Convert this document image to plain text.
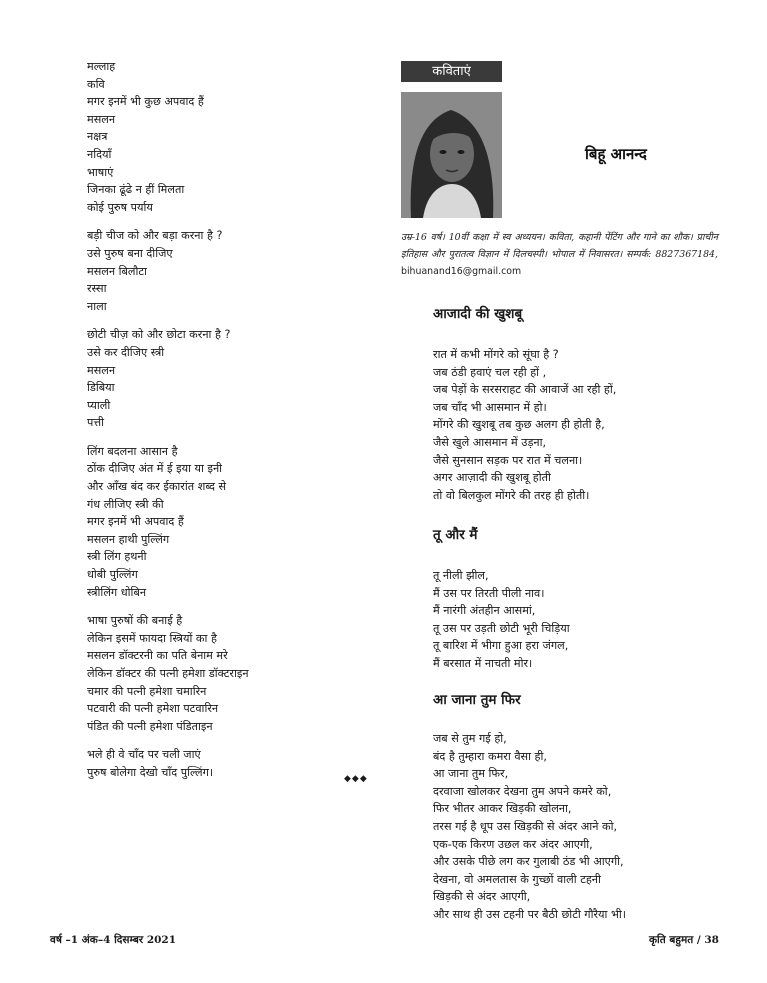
मल्लाह
कवि
मगर इनमें भी कुछ अपवाद हैं
मसलन
नक्षत्र
नदियाँ
भाषाएं
जिनका ढूंढे न हीं मिलता
कोई पुरुष पर्याय
बड़ी चीज को और बड़ा करना है ?
उसे पुरुष बना दीजिए
मसलन बिलौटा
रस्सा
नाला
छोटी चीज़ को और छोटा करना है ?
उसे कर दीजिए स्त्री
मसलन
डिबिया
प्याली
पत्ती
लिंग बदलना आसान है
ठोंक दीजिए अंत में ई इया या इनी
और आँख बंद कर ईकारांत शब्द से
गंध लीजिए स्त्री की
मगर इनमें भी अपवाद हैं
मसलन हाथी पुल्लिंग
स्त्री लिंग हथनी
धोबी पुल्लिंग
स्त्रीलिंग धोबिन
भाषा पुरुषों की बनाई है
लेकिन इसमें फायदा स्त्रियों का है
मसलन डॉक्टरनी का पति बेनाम मरे
लेकिन डॉक्टर की पत्नी हमेशा डॉक्टराइन
चमार की पत्नी हमेशा चमारिन
पटवारी की पत्नी हमेशा पटवारिन
पंडित की पत्नी हमेशा पंडिताइन
भले ही वे चाँद पर चली जाएं
पुरुष बोलेगा देखो चाँद पुल्लिंग।
कविताएं
बिहू आनन्द
उम्र-16 वर्ष। 10वीं कक्षा में स्व अध्ययन। कविता, कहानी पेंटिंग और गाने का शौक। प्राचीन इतिहास और पुरातत्व विज्ञान में दिलचस्पी। भोपाल में निवासरत। सम्पर्क: 8827367184, bihuanand16@gmail.com
आजादी की खुशबू
रात में कभी मोंगरे को सूंघा है ?
जब ठंडी हवाएं चल रही हों ,
जब पेड़ों के सरसराहट की आवाजें आ रही हों,
जब चाँद भी आसमान में हो।
मोंगरे की खुशबू तब कुछ अलग ही होती है,
जैसे खुले आसमान में उड़ना,
जैसे सुनसान सड़क पर रात में चलना।
अगर आज़ादी की खुशबू होती
तो वो बिलकुल मोंगरे की तरह ही होती।
तू और मैं
तू नीली झील,
मैं उस पर तिरती पीली नाव।
मैं नारंगी अंतहीन आसमां,
तू उस पर उड़ती छोटी भूरी चिड़िया
तू बारिश में भीगा हुआ हरा जंगल,
मैं बरसात में नाचती मोर।
आ जाना तुम फिर
जब से तुम गई हो,
बंद है तुम्हारा कमरा वैसा ही,
आ जाना तुम फिर,
दरवाजा खोलकर देखना तुम अपने कमरे को,
फिर भीतर आकर खिड़की खोलना,
तरस गई है धूप उस खिड़की से अंदर आने को,
एक-एक किरण उछल कर अंदर आएगी,
और उसके पीछे लग कर गुलाबी ठंड भी आएगी,
देखना, वो अमलतास के गुच्छों वाली टहनी
खिड़की से अंदर आएगी,
और साथ ही उस टहनी पर बैठी छोटी गौरैया भी।
◆◆◆
वर्ष –1 अंक–4 दिसम्बर 2021	कृति बहुमत / 38
